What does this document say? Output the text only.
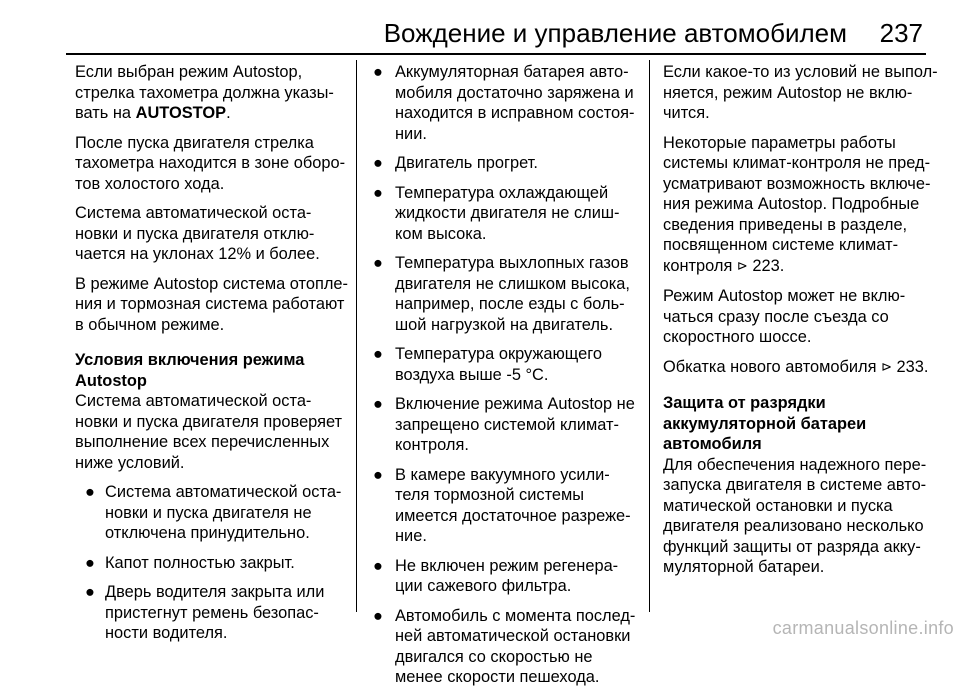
Вождение и управление автомобилем 237

Если выбран режим Autostop,
стрелка тахометра должна указы-
вать на AUTOSTOP.

После пуска двигателя стрелка
тахометра находится в зоне оборо-
тов холостого хода.

Система автоматической оста-
новки и пуска двигателя отклю-
чается на уклонах 12% и более.

В режиме Autostop система отопле-
ния и тормозная система работают
в обычном режиме.

Условия включения режима
Autostop

Система автоматической оста-
новки и пуска двигателя проверяет
выполнение всех перечисленных
ниже условий.

● Система автоматической оста-
новки и пуска двигателя не
отключена принудительно.
● Капот полностью закрыт.
● Дверь водителя закрыта или
пристегнут ремень безопас-
ности водителя.
● Аккумуляторная батарея авто-
мобиля достаточно заряжена и
находится в исправном состоя-
нии.
● Двигатель прогрет.
● Температура охлаждающей
жидкости двигателя не слиш-
ком высока.
● Температура выхлопных газов
двигателя не слишком высока,
например, после езды с боль-
шой нагрузкой на двигатель.
● Температура окружающего
воздуха выше -5 °C.
● Включение режима Autostop не
запрещено системой климат-
контроля.
● В камере вакуумного усили-
теля тормозной системы
имеется достаточное разреже-
ние.
● Не включен режим регенера-
ции сажевого фильтра.
● Автомобиль с момента послед-
ней автоматической остановки
двигался со скоростью не
менее скорости пешехода.

Если какое-то из условий не выпол-
няется, режим Autostop не вклю-
чится.

Некоторые параметры работы
системы климат-контроля не пред-
усматривают возможность включе-
ния режима Autostop. Подробные
сведения приведены в разделе,
посвященном системе климат-
контроля ⊳ 223.

Режим Autostop может не вклю-
чаться сразу после съезда со
скоростного шоссе.

Обкатка нового автомобиля ⊳ 233.

Защита от разрядки
аккумуляторной батареи
автомобиля

Для обеспечения надежного пере-
запуска двигателя в системе авто-
матической остановки и пуска
двигателя реализовано несколько
функций защиты от разряда акку-
муляторной батареи.

carmanualsonline.info
